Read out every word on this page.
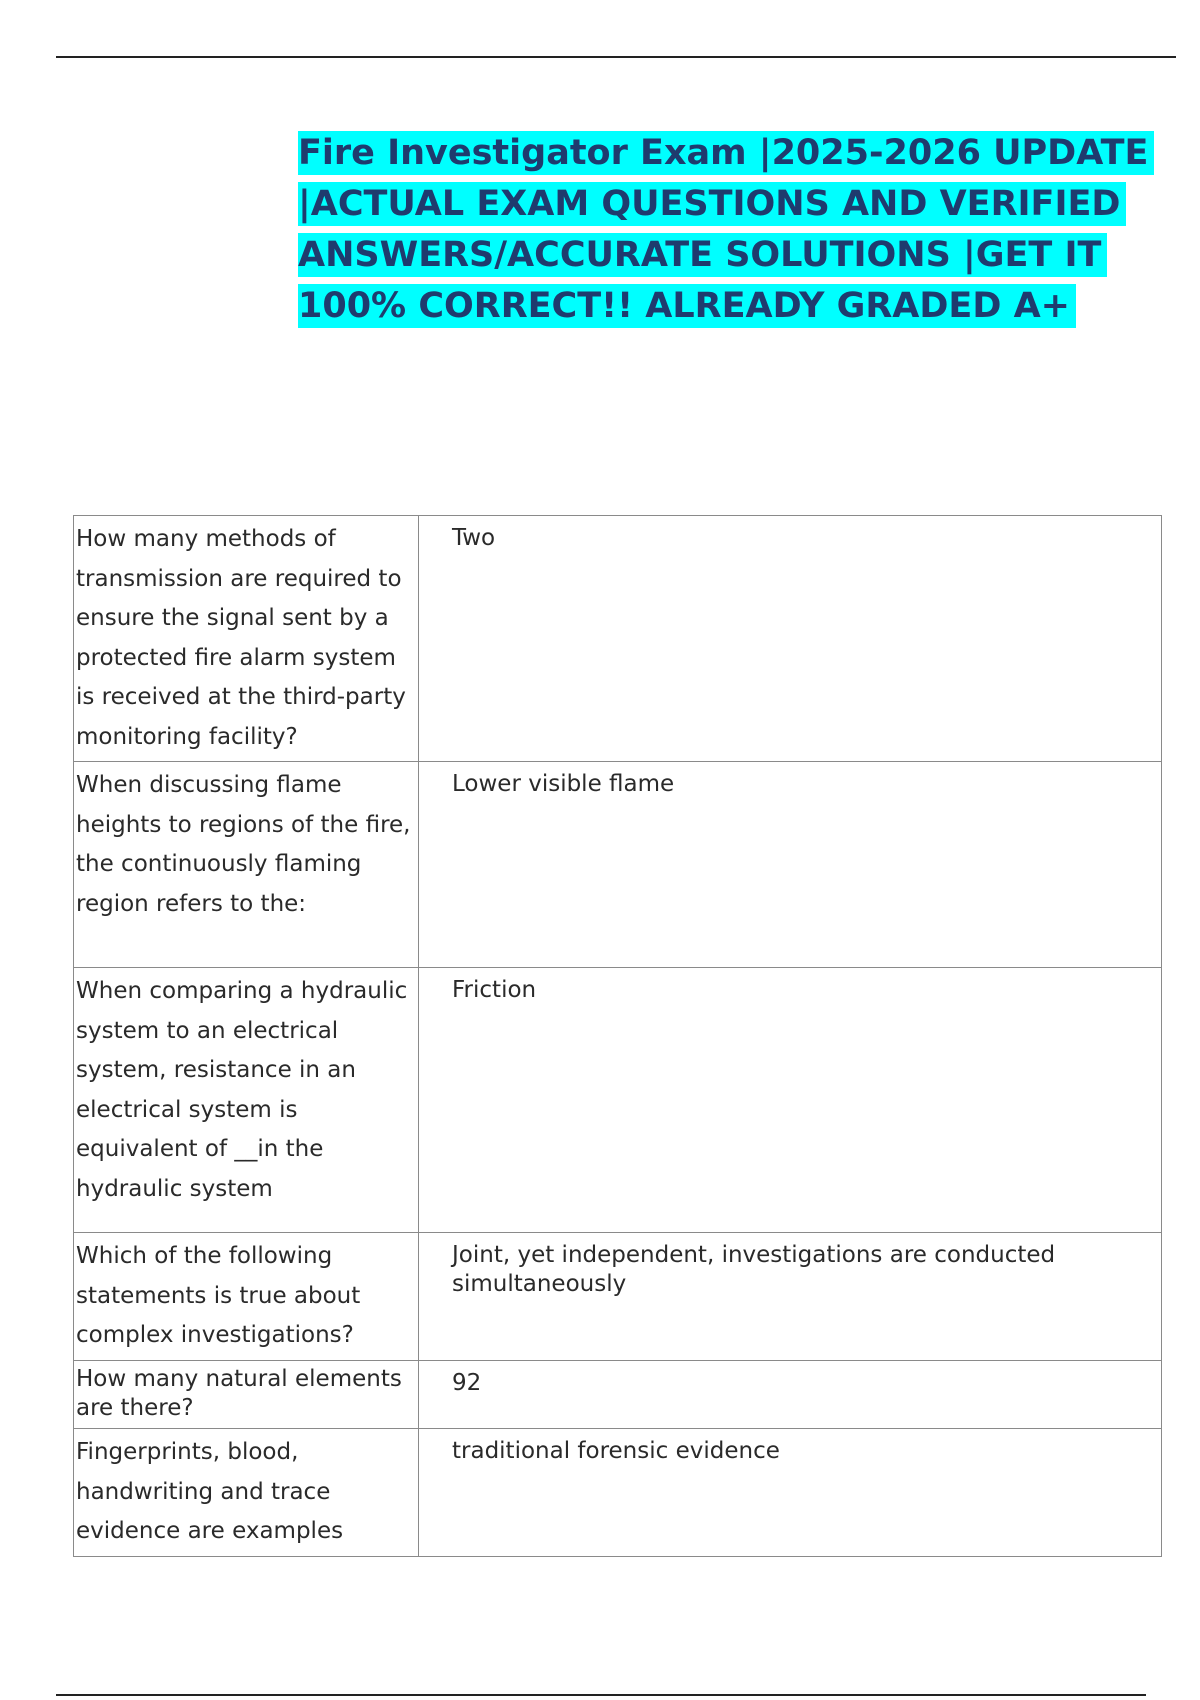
Fire Investigator Exam |2025-2026 UPDATE |ACTUAL EXAM QUESTIONS AND VERIFIED ANSWERS/ACCURATE SOLUTIONS |GET IT 100% CORRECT!! ALREADY GRADED A+
How many methods of transmission are required to ensure the signal sent by a protected fire alarm system is received at the third-party monitoring facility?	Two
When discussing flame heights to regions of the fire, the continuously flaming region refers to the:	Lower visible flame
When comparing a hydraulic system to an electrical system, resistance in an electrical system is equivalent of __in the hydraulic system	Friction
Which of the following statements is true about complex investigations?	Joint, yet independent, investigations are conducted simultaneously
How many natural elements are there?	92
Fingerprints, blood, handwriting and trace evidence are examples	traditional forensic evidence
